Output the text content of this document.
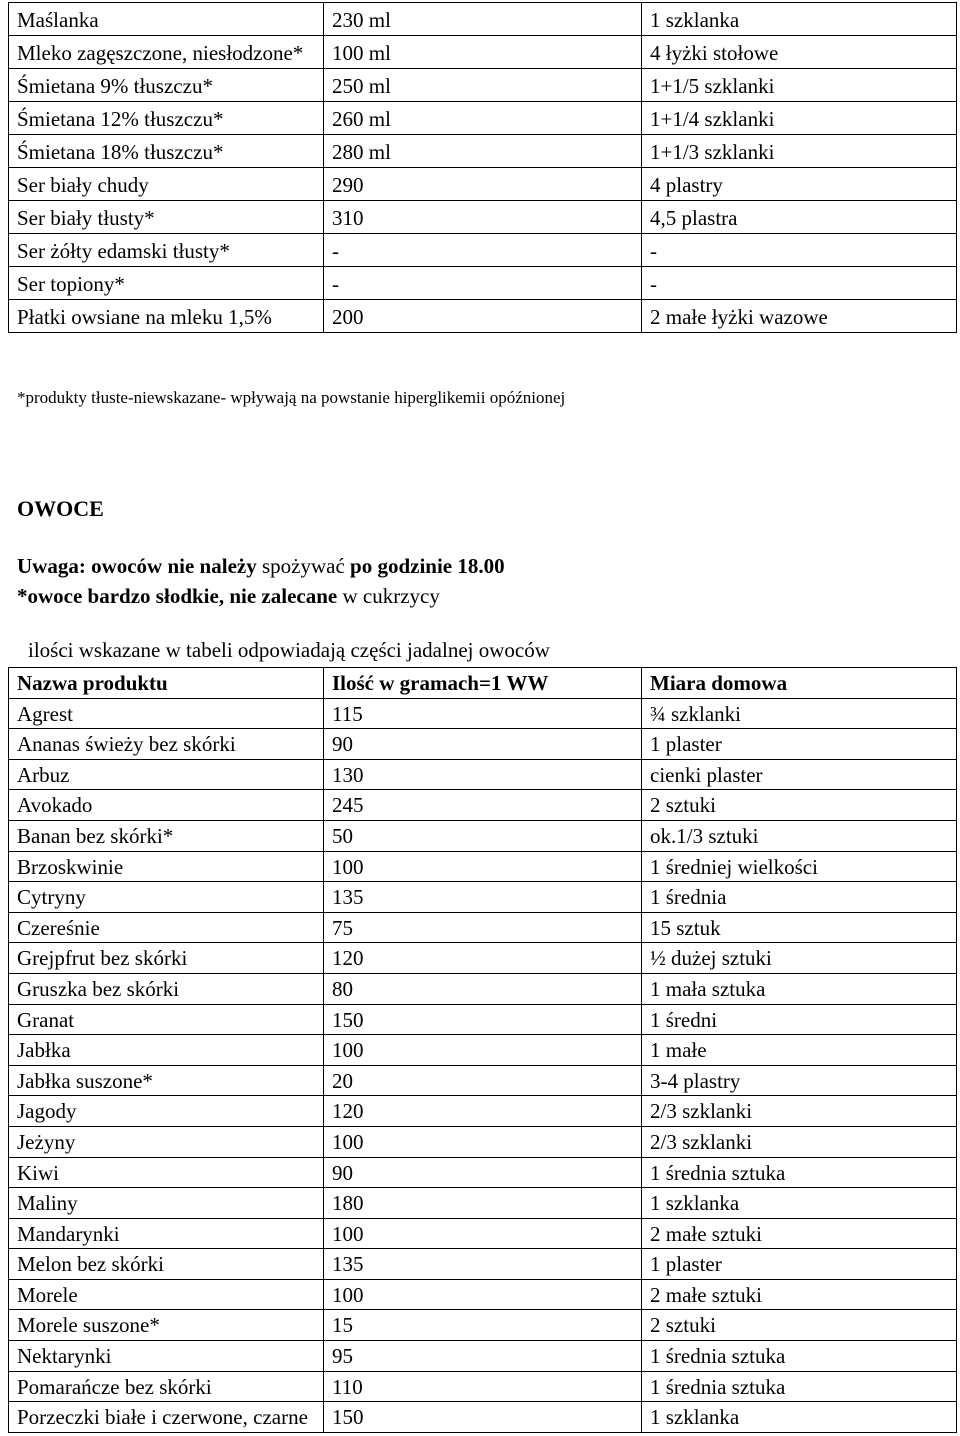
Maślanka	230 ml	1 szklanka
Mleko zagęszczone, niesłodzone*	100 ml	4 łyżki stołowe
Śmietana 9% tłuszczu*	250 ml	1+1/5 szklanki
Śmietana 12% tłuszczu*	260 ml	1+1/4 szklanki
Śmietana 18% tłuszczu*	280 ml	1+1/3 szklanki
Ser biały chudy	290	4 plastry
Ser biały tłusty*	310	4,5 plastra
Ser żółty edamski tłusty*	-	-
Ser topiony*	-	-
Płatki owsiane na mleku 1,5%	200	2 małe łyżki wazowe
*produkty tłuste-niewskazane- wpływają na powstanie hiperglikemii opóźnionej
OWOCE
Uwaga: owoców nie należy spożywać po godzinie 18.00
*owoce bardzo słodkie, nie zalecane w cukrzycy
ilości wskazane w tabeli odpowiadają części jadalnej owoców
Nazwa produktu	Ilość w gramach=1 WW	Miara domowa
Agrest	115	¾ szklanki
Ananas świeży bez skórki	90	1 plaster
Arbuz	130	cienki plaster
Avokado	245	2 sztuki
Banan bez skórki*	50	ok.1/3 sztuki
Brzoskwinie	100	1 średniej wielkości
Cytryny	135	1 średnia
Czereśnie	75	15 sztuk
Grejpfrut bez skórki	120	½ dużej sztuki
Gruszka bez skórki	80	1 mała sztuka
Granat	150	1 średni
Jabłka	100	1 małe
Jabłka suszone*	20	3-4 plastry
Jagody	120	2/3 szklanki
Jeżyny	100	2/3 szklanki
Kiwi	90	1 średnia sztuka
Maliny	180	1 szklanka
Mandarynki	100	2 małe sztuki
Melon bez skórki	135	1 plaster
Morele	100	2 małe sztuki
Morele suszone*	15	2 sztuki
Nektarynki	95	1 średnia sztuka
Pomarańcze bez skórki	110	1 średnia sztuka
Porzeczki białe i czerwone, czarne	150	1 szklanka
